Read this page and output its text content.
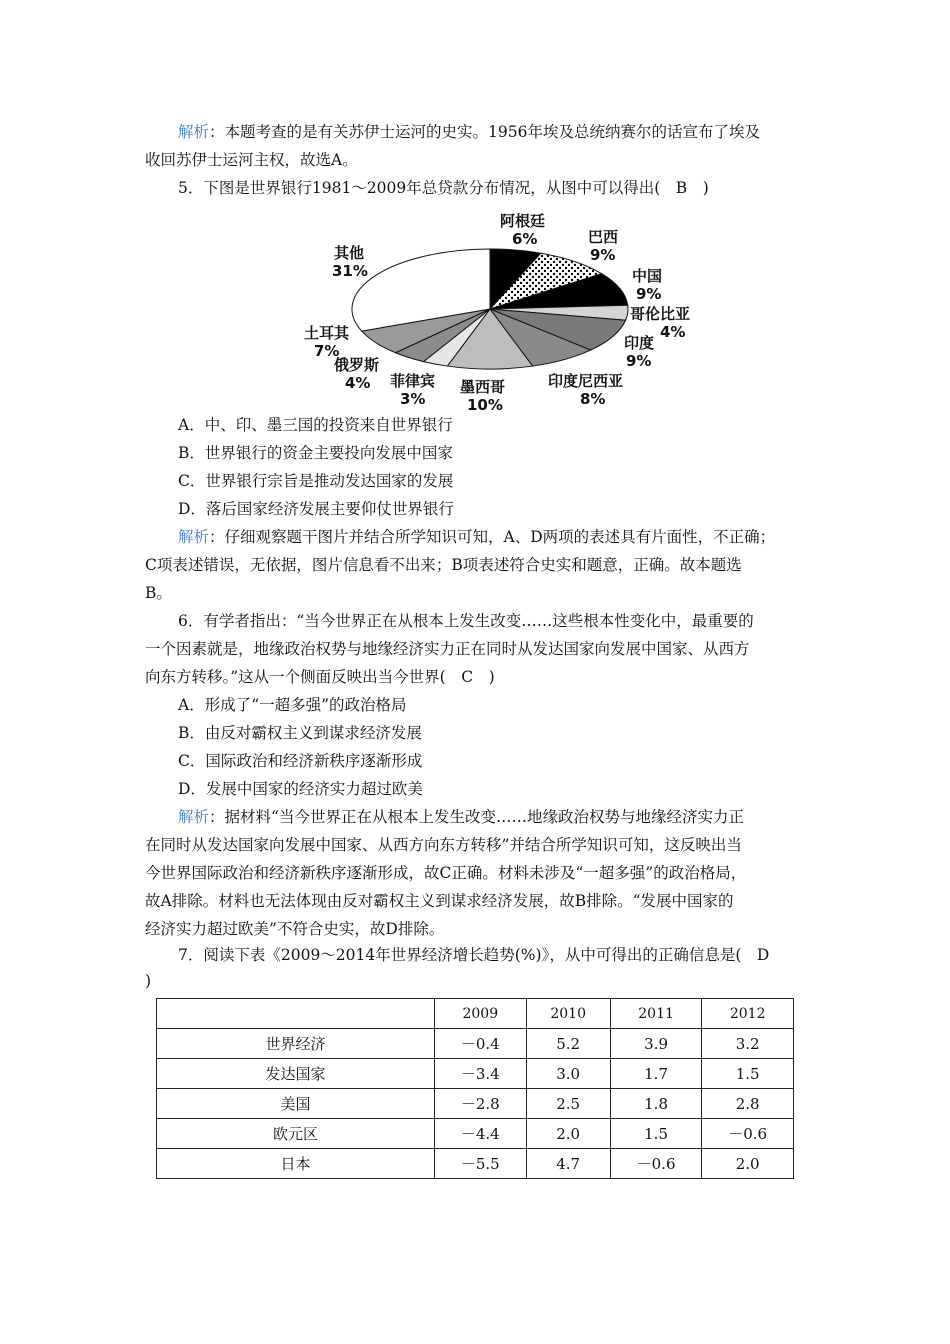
解析：本题考查的是有关苏伊士运河的史实。1956年埃及总统纳赛尔的话宣布了埃及
收回苏伊士运河主权，故选A。
5．下图是世界银行1981～2009年总贷款分布情况，从图中可以得出(　B　)
阿根廷
6%	巴西
9%
中国
9%
哥伦比亚
4%
印度
9%
印度尼西亚
8%
墨西哥
10%
菲律宾
3%
俄罗斯
4%
土耳其
7%
其他
31%
A．中、印、墨三国的投资来自世界银行
B．世界银行的资金主要投向发展中国家
C．世界银行宗旨是推动发达国家的发展
D．落后国家经济发展主要仰仗世界银行
解析：仔细观察题干图片并结合所学知识可知，A、D两项的表述具有片面性，不正确；
C项表述错误，无依据，图片信息看不出来；B项表述符合史实和题意，正确。故本题选
B。
6．有学者指出：“当今世界正在从根本上发生改变……这些根本性变化中，最重要的
一个因素就是，地缘政治权势与地缘经济实力正在同时从发达国家向发展中国家、从西方
向东方转移。”这从一个侧面反映出当今世界(　C　)
A．形成了“一超多强”的政治格局
B．由反对霸权主义到谋求经济发展
C．国际政治和经济新秩序逐渐形成
D．发展中国家的经济实力超过欧美
解析：据材料“当今世界正在从根本上发生改变……地缘政治权势与地缘经济实力正
在同时从发达国家向发展中国家、从西方向东方转移”并结合所学知识可知，这反映出当
今世界国际政治和经济新秩序逐渐形成，故C正确。材料未涉及“一超多强”的政治格局，
故A排除。材料也无法体现由反对霸权主义到谋求经济发展，故B排除。“发展中国家的
经济实力超过欧美”不符合史实，故D排除。
7．阅读下表《2009～2014年世界经济增长趋势(%)》，从中可得出的正确信息是(　D
)
	2009	2010	2011	2012
世界经济	－0.4	5.2	3.9	3.2
发达国家	－3.4	3.0	1.7	1.5
美国	－2.8	2.5	1.8	2.8
欧元区	－4.4	2.0	1.5	－0.6
日本	－5.5	4.7	－0.6	2.0
